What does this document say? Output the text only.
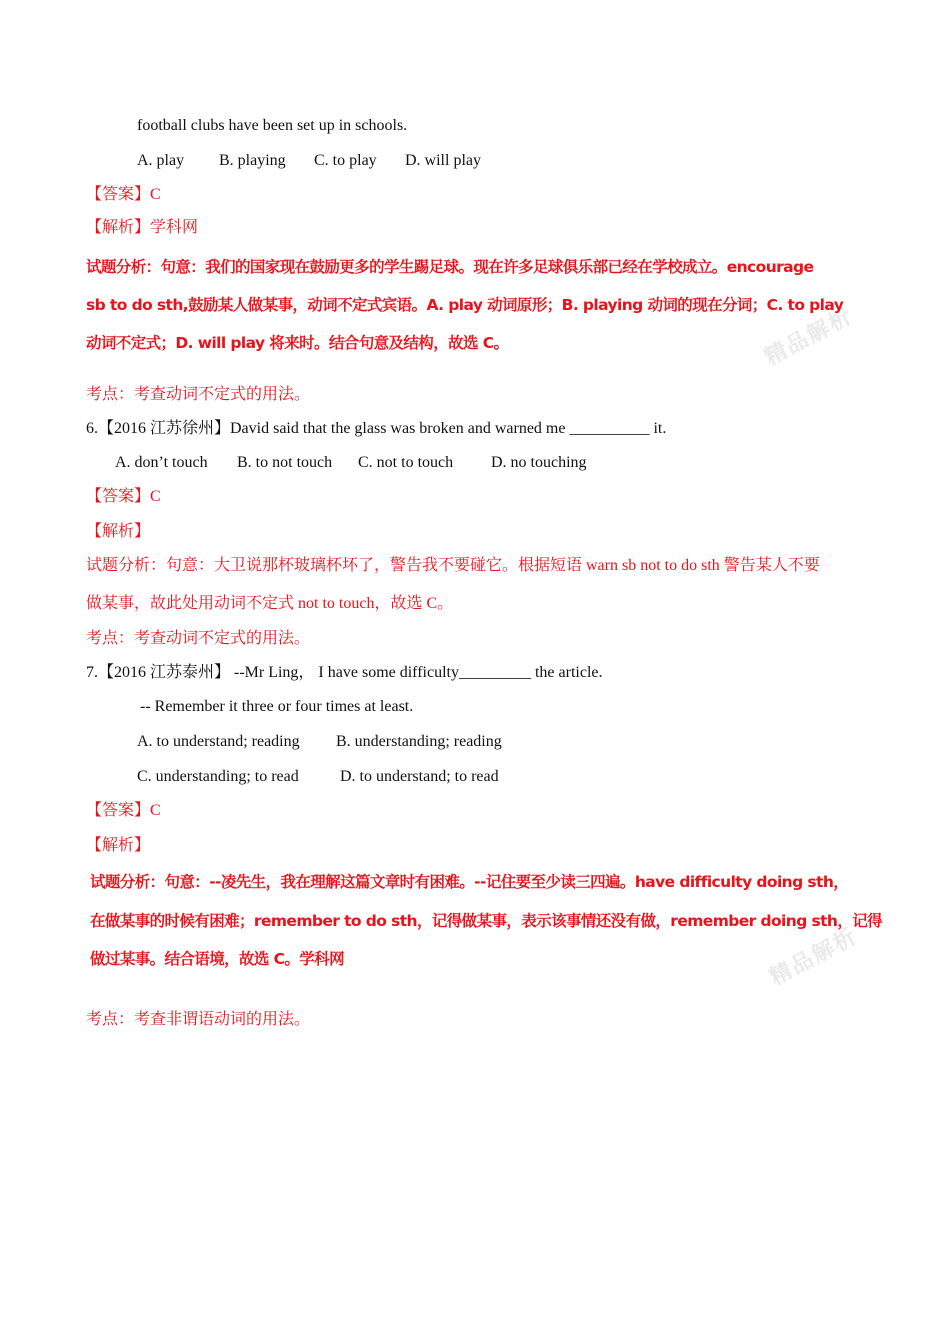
精品解析
精品解析
football clubs have been set up in schools.
A. play B. playing C. to play D. will play
【答案】C
【解析】学科网
试题分析：句意：我们的国家现在鼓励更多的学生踢足球。现在许多足球俱乐部已经在学校成立。encourage
sb to do sth,鼓励某人做某事，动词不定式宾语。A. play 动词原形；B. playing 动词的现在分词；C. to play
动词不定式；D. will play 将来时。结合句意及结构，故选 C。
考点：考查动词不定式的用法。
6.【2016 江苏徐州】David said that the glass was broken and warned me __________ it.
A. don’t touch B. to not touch C. not to touch D. no touching
【答案】C
【解析】
试题分析：句意：大卫说那杯玻璃杯坏了，警告我不要碰它。根据短语 warn sb not to do sth 警告某人不要
做某事，故此处用动词不定式 not to touch，故选 C。
考点：考查动词不定式的用法。
7.【2016 江苏泰州】 --Mr Ling， I have some difficulty_________ the article.
-- Remember it three or four times at least.
A. to understand; reading B. understanding; reading
C. understanding; to read	D. to understand; to read
【答案】C
【解析】
试题分析：句意：--凌先生，我在理解这篇文章时有困难。--记住要至少读三四遍。have difficulty doing sth，
在做某事的时候有困难；remember to do sth，记得做某事，表示该事情还没有做，remember doing sth，记得
做过某事。结合语境，故选 C。学科网
考点：考查非谓语动词的用法。
